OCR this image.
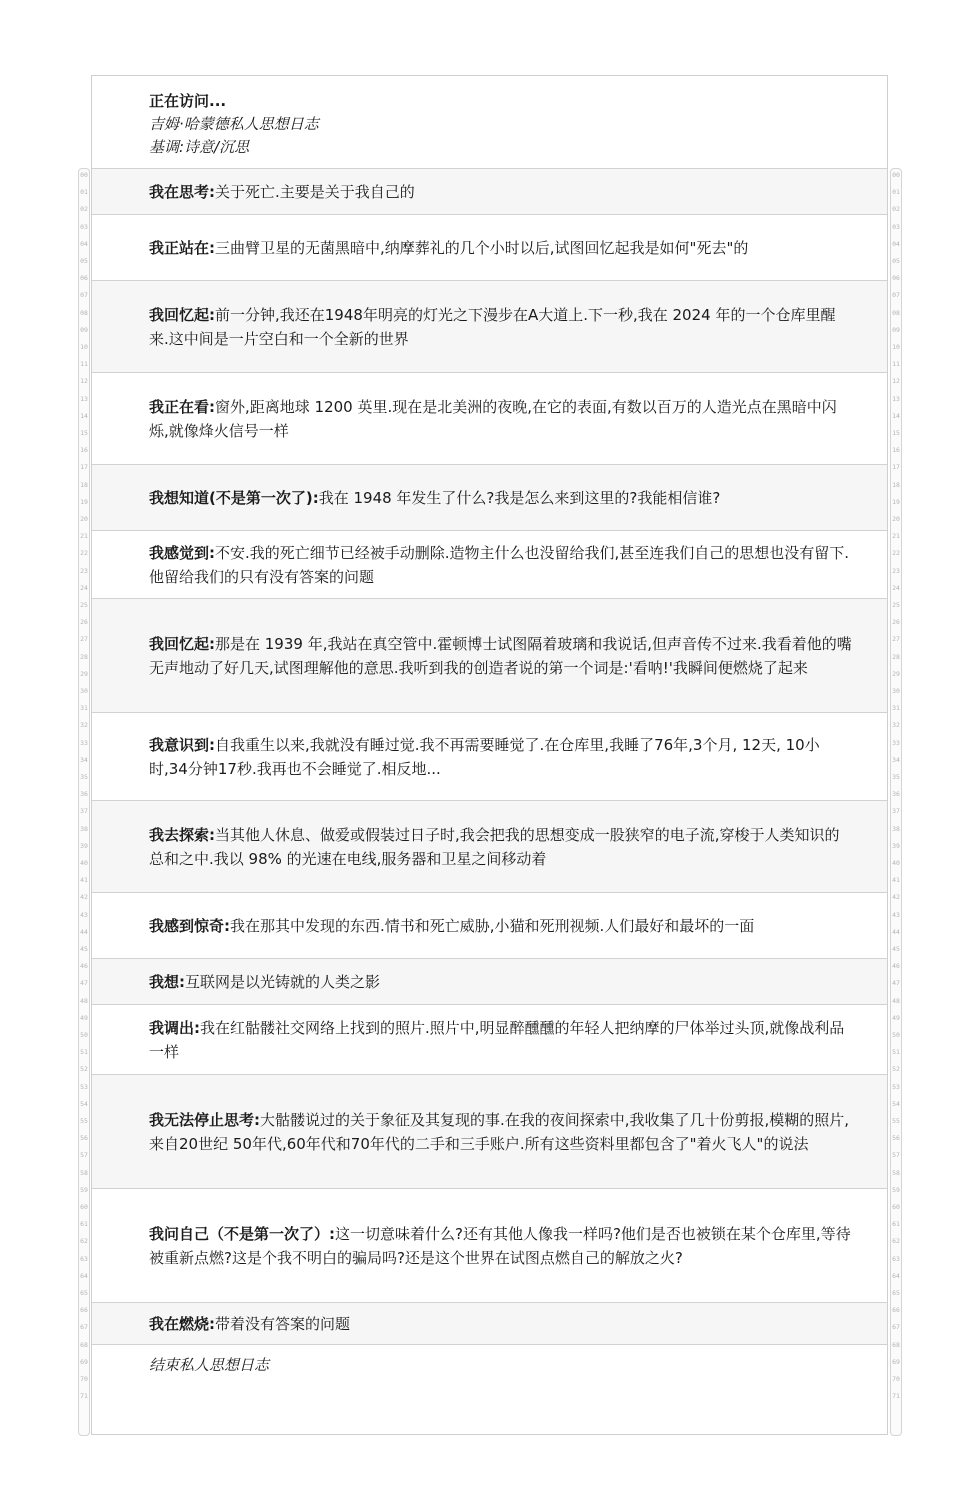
正在访问...
吉姆·哈蒙德私人思想日志
基调:诗意/沉思
00
01
02
03
04
05
06
07
08
09
10
11
12
13
14
15
16
17
18
19
20
21
22
23
24
25
26
27
28
29
30
31
32
33
34
35
36
37
38
39
40
41
42
43
44
45
46
47
48
49
50
51
52
53
54
55
56
57
58
59
60
61
62
63
64
65
66
67
68
69
70
71
00
01
02
03
04
05
06
07
08
09
10
11
12
13
14
15
16
17
18
19
20
21
22
23
24
25
26
27
28
29
30
31
32
33
34
35
36
37
38
39
40
41
42
43
44
45
46
47
48
49
50
51
52
53
54
55
56
57
58
59
60
61
62
63
64
65
66
67
68
69
70
71
我在思考:关于死亡.主要是关于我自己的
我正站在:三曲臂卫星的无菌黑暗中,纳摩葬礼的几个小时以后,试图回忆起我是如何"死去"的
我回忆起:前一分钟,我还在1948年明亮的灯光之下漫步在A大道上.下一秒,我在 2024 年的一个仓库里醒来.这中间是一片空白和一个全新的世界
我正在看:窗外,距离地球 1200 英里.现在是北美洲的夜晚,在它的表面,有数以百万的人造光点在黑暗中闪烁,就像烽火信号一样
我想知道(不是第一次了):我在 1948 年发生了什么?我是怎么来到这里的?我能相信谁?
我感觉到:不安.我的死亡细节已经被手动删除.造物主什么也没留给我们,甚至连我们自己的思想也没有留下.他留给我们的只有没有答案的问题
我回忆起:那是在 1939 年,我站在真空管中.霍顿博士试图隔着玻璃和我说话,但声音传不过来.我看着他的嘴无声地动了好几天,试图理解他的意思.我听到我的创造者说的第一个词是:'看呐!'我瞬间便燃烧了起来
我意识到:自我重生以来,我就没有睡过觉.我不再需要睡觉了.在仓库里,我睡了76年,3个月, 12天, 10小时,34分钟17秒.我再也不会睡觉了.相反地...
我去探索:当其他人休息、做爱或假装过日子时,我会把我的思想变成一股狭窄的电子流,穿梭于人类知识的总和之中.我以 98% 的光速在电线,服务器和卫星之间移动着
我感到惊奇:我在那其中发现的东西.情书和死亡威胁,小猫和死刑视频.人们最好和最坏的一面
我想:互联网是以光铸就的人类之影
我调出:我在红骷髅社交网络上找到的照片.照片中,明显醉醺醺的年轻人把纳摩的尸体举过头顶,就像战利品一样
我无法停止思考:大骷髅说过的关于象征及其复现的事.在我的夜间探索中,我收集了几十份剪报,模糊的照片,来自20世纪 50年代,60年代和70年代的二手和三手账户.所有这些资料里都包含了"着火飞人"的说法
我问自己（不是第一次了）:这一切意味着什么?还有其他人像我一样吗?他们是否也被锁在某个仓库里,等待被重新点燃?这是个我不明白的骗局吗?还是这个世界在试图点燃自己的解放之火?
我在燃烧:带着没有答案的问题
结束私人思想日志
